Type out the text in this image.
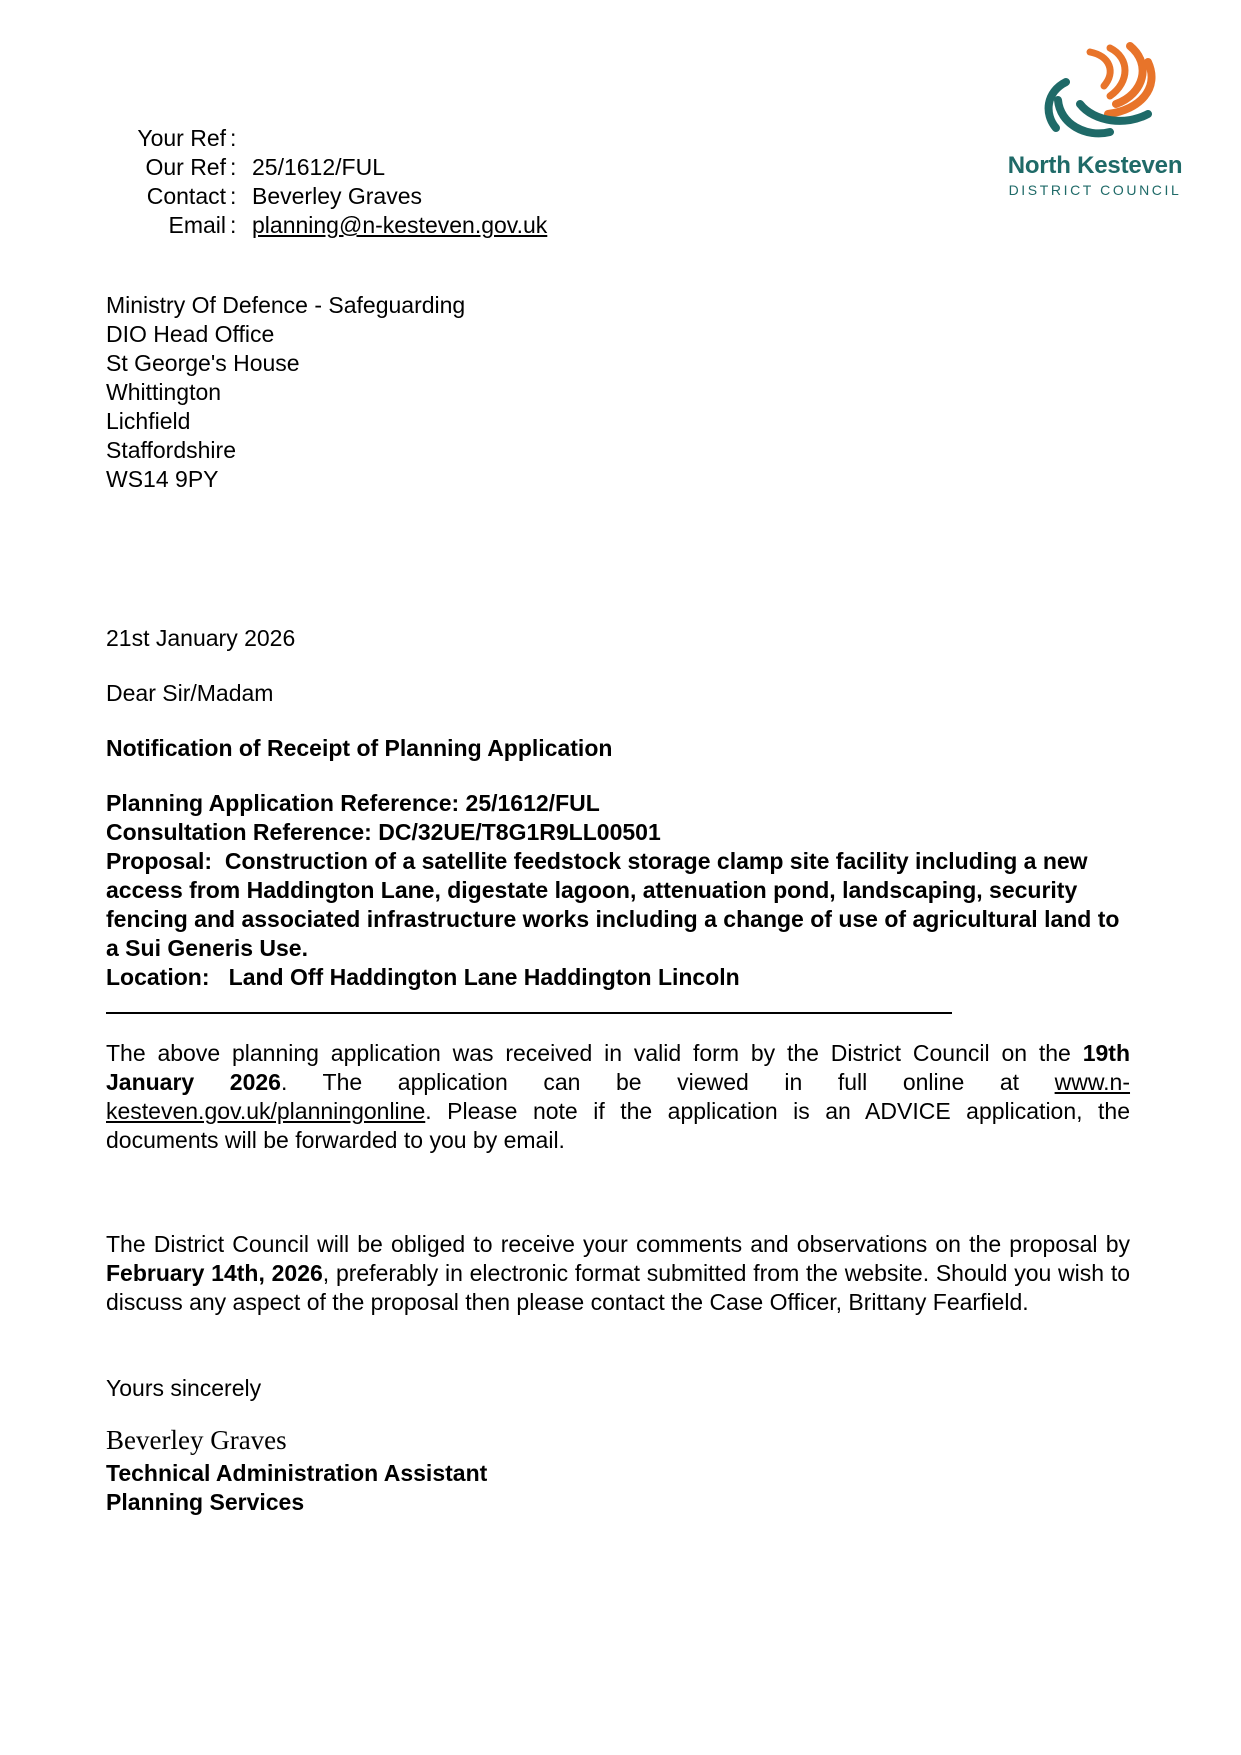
North Kesteven
DISTRICT COUNCIL
Your Ref :
Our Ref : 25/1612/FUL
Contact : Beverley Graves
Email : planning@n-kesteven.gov.uk
Ministry Of Defence - Safeguarding
DIO Head Office
St George's House
Whittington
Lichfield
Staffordshire
WS14 9PY
21st January 2026
Dear Sir/Madam
Notification of Receipt of Planning Application
Planning Application Reference: 25/1612/FUL
Consultation Reference: DC/32UE/T8G1R9LL00501
Proposal: Construction of a satellite feedstock storage clamp site facility including a new access from Haddington Lane, digestate lagoon, attenuation pond, landscaping, security fencing and associated infrastructure works including a change of use of agricultural land to a Sui Generis Use.
Location: Land Off Haddington Lane Haddington Lincoln
The above planning application was received in valid form by the District Council on the 19th January 2026. The application can be viewed in full online at www.n-kesteven.gov.uk/planningonline. Please note if the application is an ADVICE application, the documents will be forwarded to you by email.
The District Council will be obliged to receive your comments and observations on the proposal by February 14th, 2026, preferably in electronic format submitted from the website. Should you wish to discuss any aspect of the proposal then please contact the Case Officer, Brittany Fearfield.
Yours sincerely
Beverley Graves
Technical Administration Assistant
Planning Services
